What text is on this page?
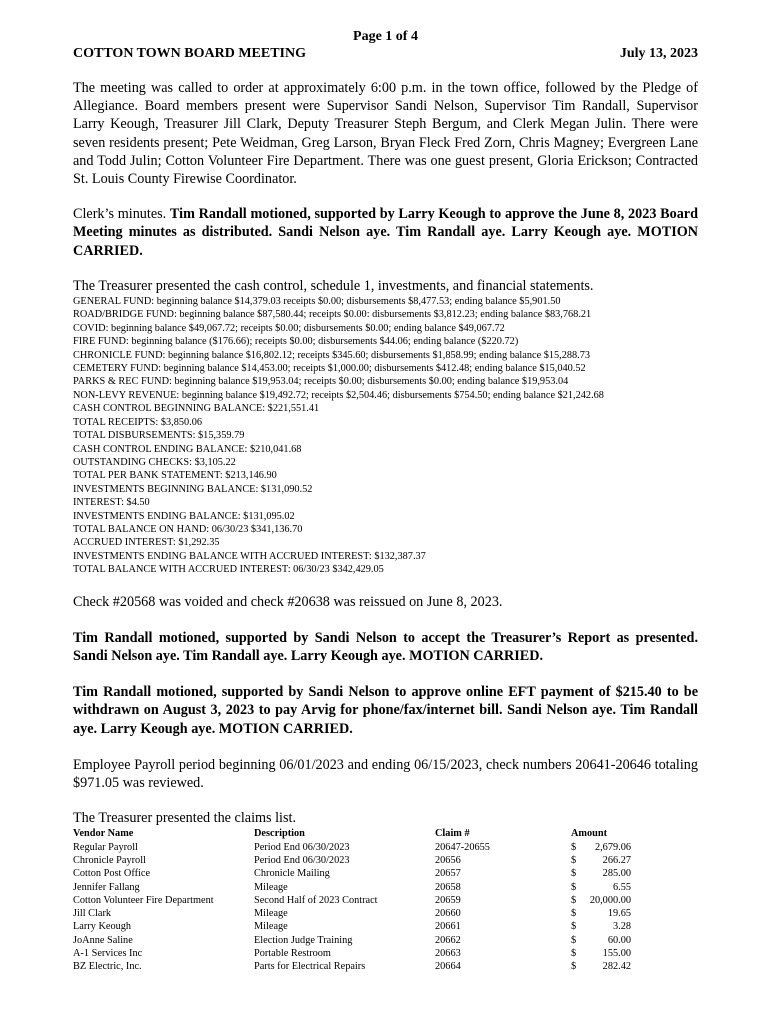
Page 1 of 4
COTTON TOWN BOARD MEETING	July 13, 2023

The meeting was called to order at approximately 6:00 p.m. in the town office, followed by the Pledge of Allegiance. Board members present were Supervisor Sandi Nelson, Supervisor Tim Randall, Supervisor Larry Keough, Treasurer Jill Clark, Deputy Treasurer Steph Bergum, and Clerk Megan Julin. There were seven residents present; Pete Weidman, Greg Larson, Bryan Fleck Fred Zorn, Chris Magney; Evergreen Lane and Todd Julin; Cotton Volunteer Fire Department. There was one guest present, Gloria Erickson; Contracted St. Louis County Firewise Coordinator.

Clerk’s minutes. Tim Randall motioned, supported by Larry Keough to approve the June 8, 2023 Board Meeting minutes as distributed. Sandi Nelson aye. Tim Randall aye. Larry Keough aye. MOTION CARRIED.

The Treasurer presented the cash control, schedule 1, investments, and financial statements.

GENERAL FUND: beginning balance $14,379.03 receipts $0.00; disbursements $8,477.53; ending balance $5,901.50
ROAD/BRIDGE FUND: beginning balance $87,580.44; receipts $0.00: disbursements $3,812.23; ending balance $83,768.21
COVID: beginning balance $49,067.72; receipts $0.00; disbursements $0.00; ending balance $49,067.72
FIRE FUND: beginning balance ($176.66); receipts $0.00; disbursements $44.06; ending balance ($220.72)
CHRONICLE FUND: beginning balance $16,802.12; receipts $345.60; disbursements $1,858.99; ending balance $15,288.73
CEMETERY FUND: beginning balance $14,453.00; receipts $1,000.00; disbursements $412.48; ending balance $15,040.52
PARKS & REC FUND: beginning balance $19,953.04; receipts $0.00; disbursements $0.00; ending balance $19,953.04
NON-LEVY REVENUE: beginning balance $19,492.72; receipts $2,504.46; disbursements $754.50; ending balance $21,242.68
CASH CONTROL BEGINNING BALANCE: $221,551.41
TOTAL RECEIPTS: $3,850.06
TOTAL DISBURSEMENTS: $15,359.79
CASH CONTROL ENDING BALANCE: $210,041.68
OUTSTANDING CHECKS: $3,105.22
TOTAL PER BANK STATEMENT: $213,146.90
INVESTMENTS BEGINNING BALANCE: $131,090.52
INTEREST: $4.50
INVESTMENTS ENDING BALANCE: $131,095.02
TOTAL BALANCE ON HAND: 06/30/23 $341,136.70
ACCRUED INTEREST: $1,292.35
INVESTMENTS ENDING BALANCE WITH ACCRUED INTEREST: $132,387.37
TOTAL BALANCE WITH ACCRUED INTEREST: 06/30/23 $342,429.05

Check #20568 was voided and check #20638 was reissued on June 8, 2023.

Tim Randall motioned, supported by Sandi Nelson to accept the Treasurer’s Report as presented. Sandi Nelson aye. Tim Randall aye. Larry Keough aye. MOTION CARRIED.

Tim Randall motioned, supported by Sandi Nelson to approve online EFT payment of $215.40 to be withdrawn on August 3, 2023 to pay Arvig for phone/fax/internet bill. Sandi Nelson aye. Tim Randall aye. Larry Keough aye. MOTION CARRIED.

Employee Payroll period beginning 06/01/2023 and ending 06/15/2023, check numbers 20641-20646 totaling $971.05 was reviewed.

The Treasurer presented the claims list.

Vendor Name	Description	Claim #	Amount
Regular Payroll	Period End 06/30/2023	20647-20655	$	2,679.06
Chronicle Payroll	Period End 06/30/2023	20656	$	266.27
Cotton Post Office	Chronicle Mailing	20657	$	285.00
Jennifer Fallang	Mileage	20658	$	6.55
Cotton Volunteer Fire Department	Second Half of 2023 Contract	20659	$	20,000.00
Jill Clark	Mileage	20660	$	19.65
Larry Keough	Mileage	20661	$	3.28
JoAnne Saline	Election Judge Training	20662	$	60.00
A-1 Services Inc	Portable Restroom	20663	$	155.00
BZ Electric, Inc.	Parts for Electrical Repairs	20664	$	282.42
